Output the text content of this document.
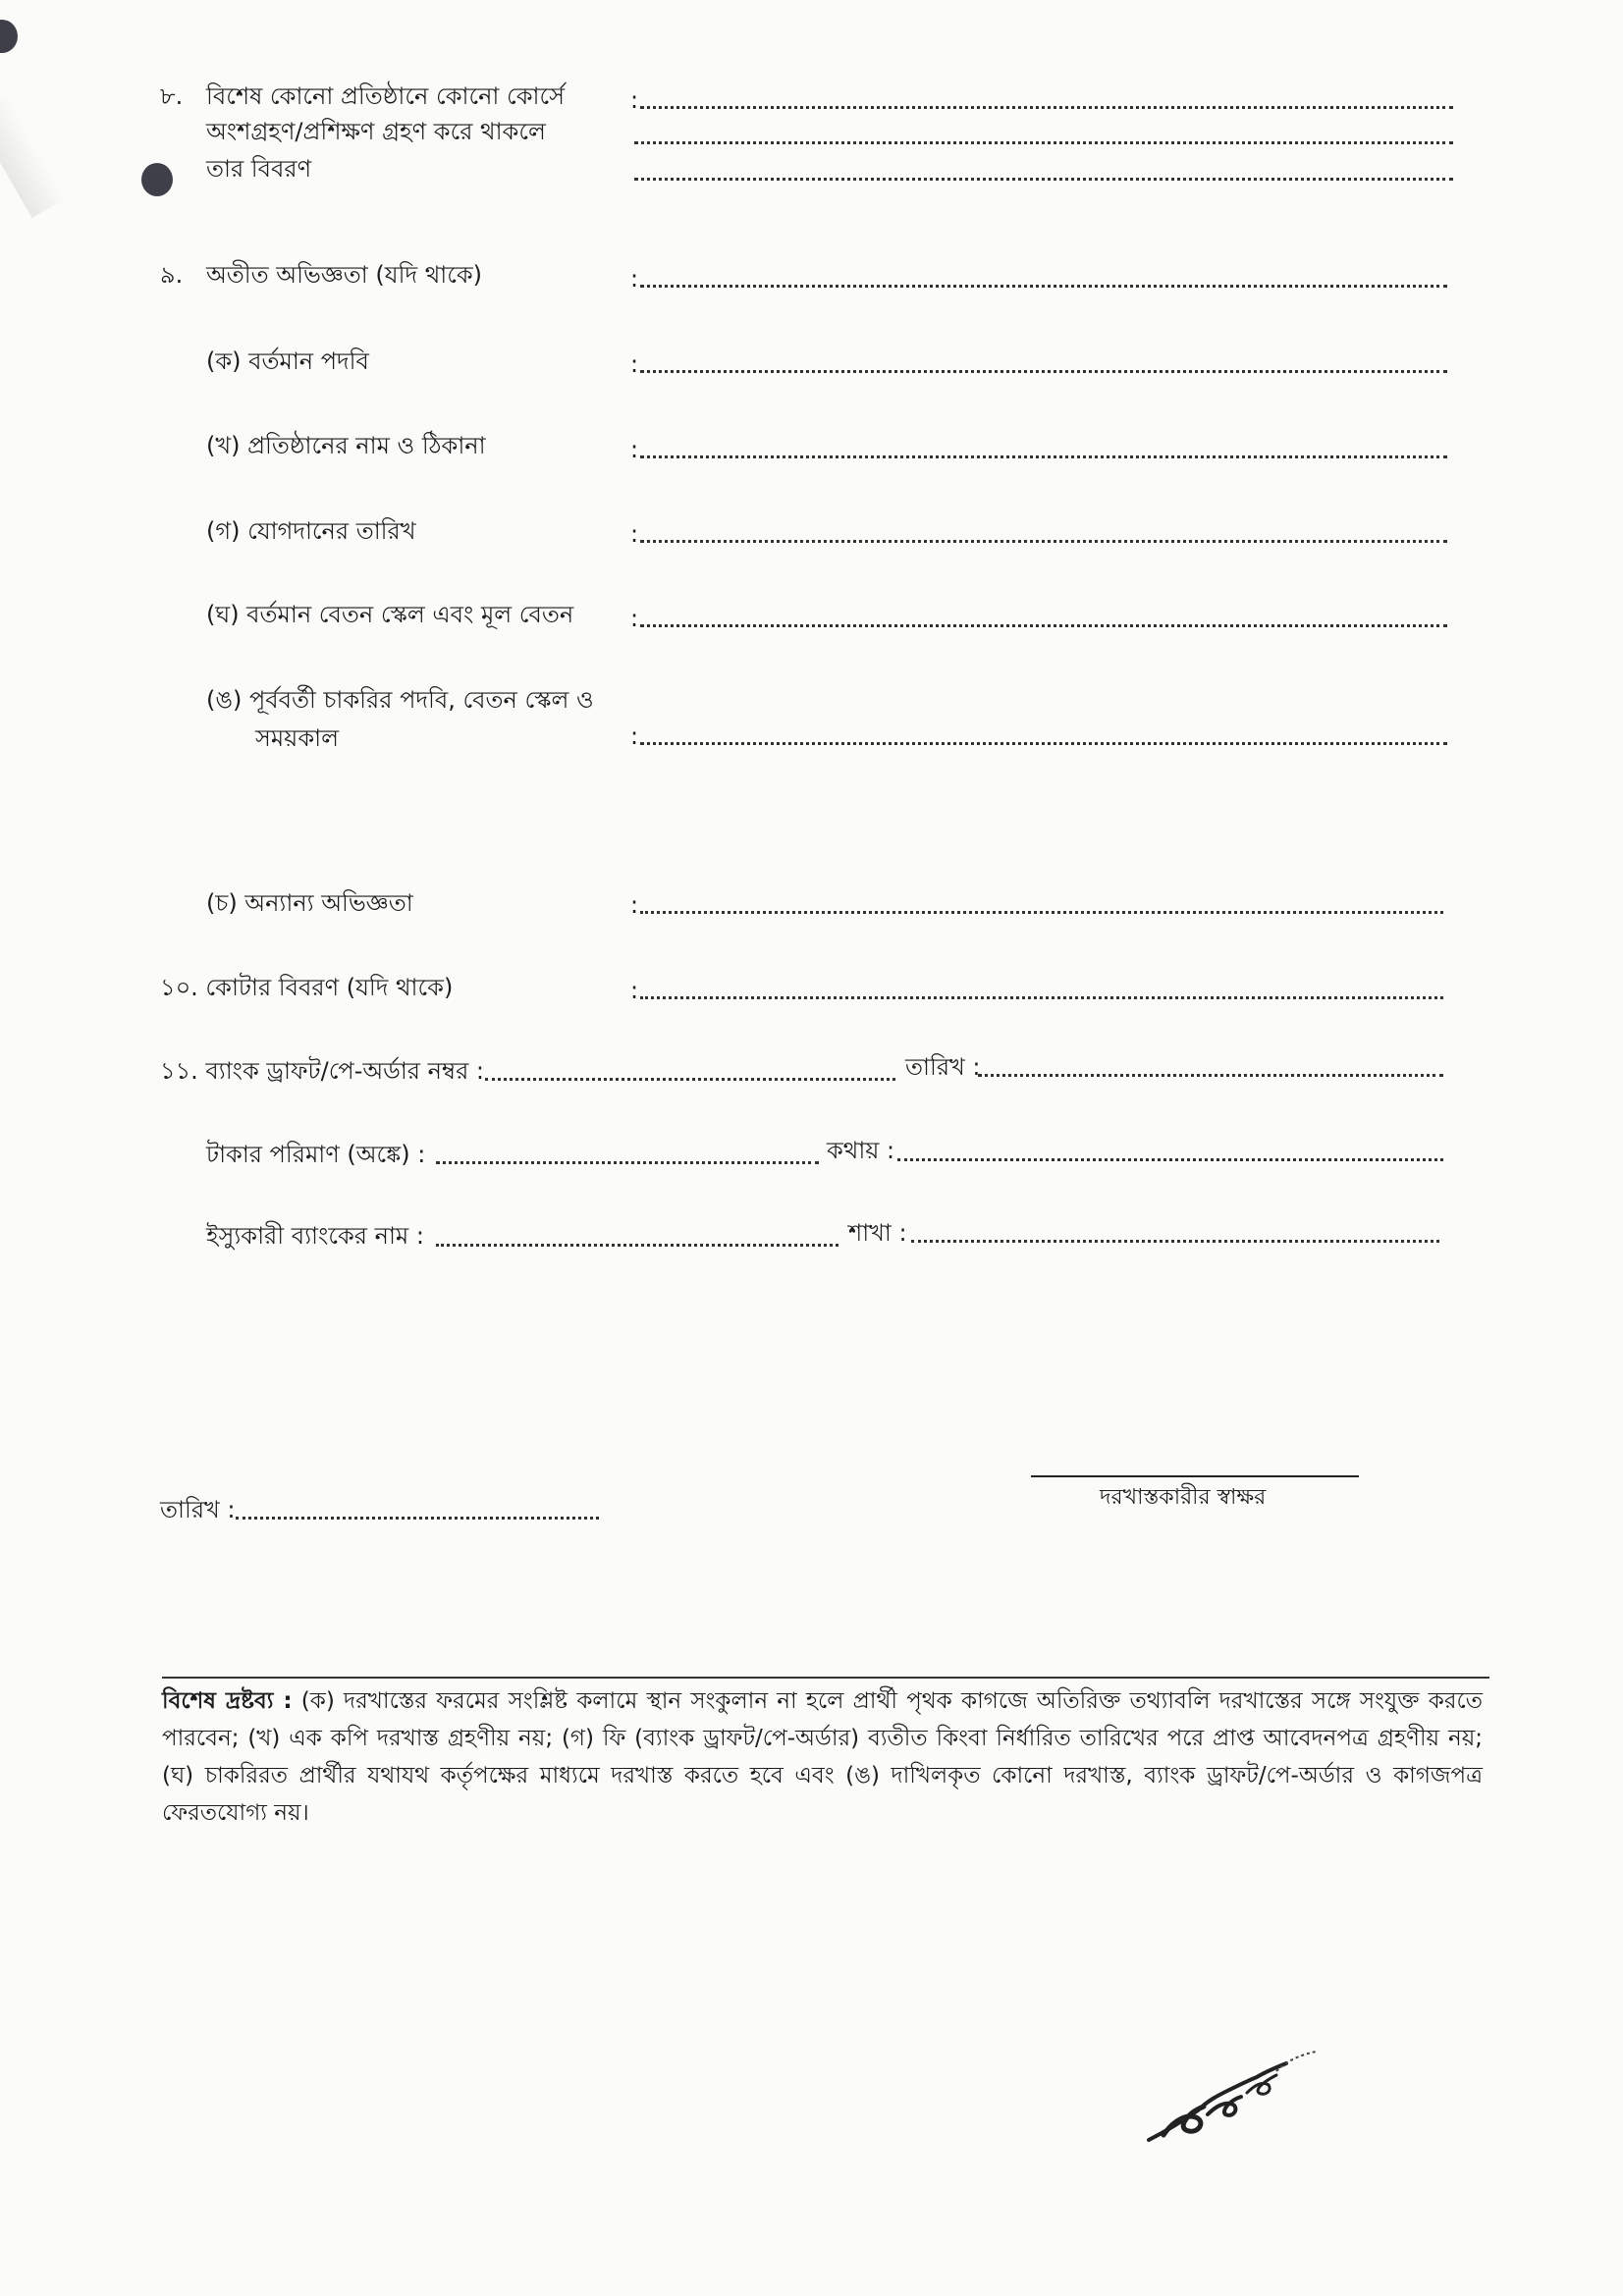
৮. বিশেষ কোনো প্রতিষ্ঠানে কোনো কোর্সে
অংশগ্রহণ/প্রশিক্ষণ গ্রহণ করে থাকলে
তার বিবরণ
:
৯. অতীত অভিজ্ঞতা (যদি থাকে)	:
(ক) বর্তমান পদবি	:
(খ) প্রতিষ্ঠানের নাম ও ঠিকানা	:
(গ) যোগদানের তারিখ	:
(ঘ) বর্তমান বেতন স্কেল এবং মূল বেতন :
(ঙ) পূর্ববর্তী চাকরির পদবি, বেতন স্কেল ও
সময়কাল	:
(চ) অন্যান্য অভিজ্ঞতা	:
১০. কোটার বিবরণ (যদি থাকে)	:
১১. ব্যাংক ড্রাফট/পে-অর্ডার নম্বর :	তারিখ :
টাকার পরিমাণ (অঙ্কে) :	কথায় :
ইস্যুকারী ব্যাংকের নাম :	শাখা :
তারিখ :	দরখাস্তকারীর স্বাক্ষর
বিশেষ দ্রষ্টব্য : (ক) দরখাস্তের ফরমের সংশ্লিষ্ট কলামে স্থান সংকুলান না হলে প্রার্থী পৃথক কাগজে অতিরিক্ত তথ্যাবলি দরখাস্তের সঙ্গে সংযুক্ত করতে পারবেন; (খ) এক কপি দরখাস্ত গ্রহণীয় নয়; (গ) ফি (ব্যাংক ড্রাফট/পে-অর্ডার) ব্যতীত কিংবা নির্ধারিত তারিখের পরে প্রাপ্ত আবেদনপত্র গ্রহণীয় নয়; (ঘ) চাকরিরত প্রার্থীর যথাযথ কর্তৃপক্ষের মাধ্যমে দরখাস্ত করতে হবে এবং (ঙ) দাখিলকৃত কোনো দরখাস্ত, ব্যাংক ড্রাফট/পে-অর্ডার ও কাগজপত্র ফেরতযোগ্য নয়।
